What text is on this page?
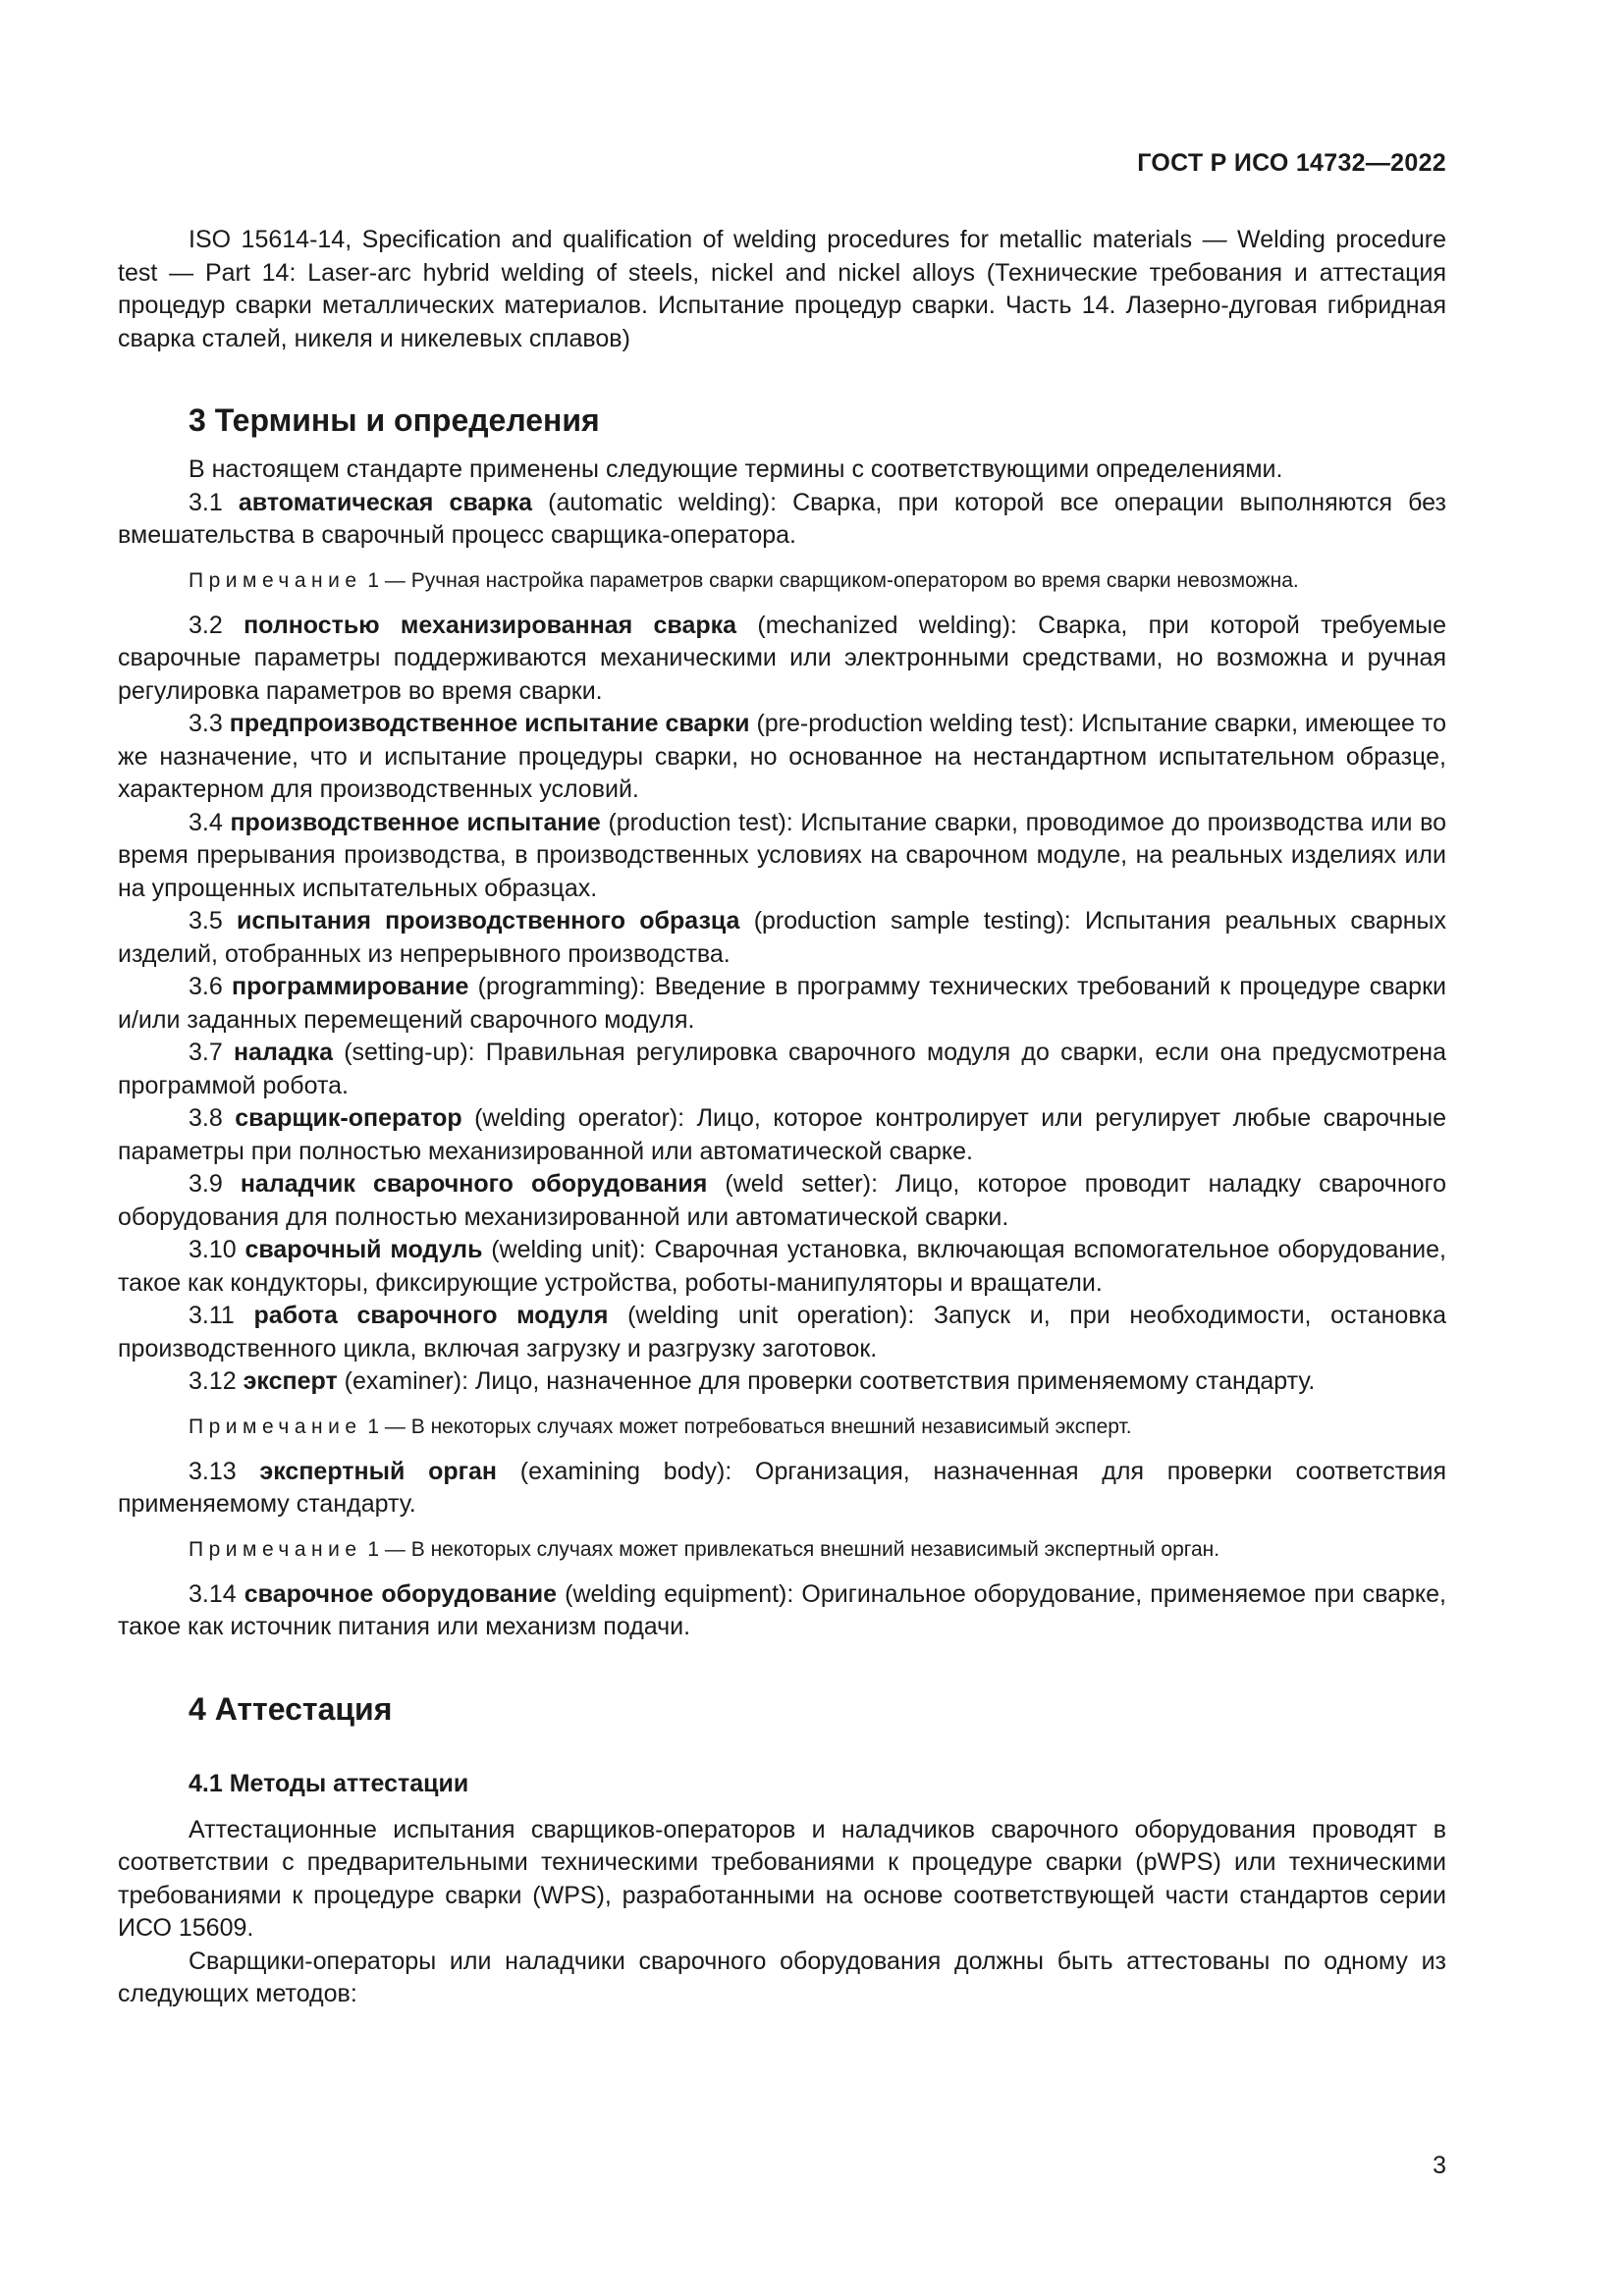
ГОСТ Р ИСО 14732—2022

ISO 15614-14, Specification and qualification of welding procedures for metallic materials — Welding procedure test — Part 14: Laser-arc hybrid welding of steels, nickel and nickel alloys (Технические требования и аттестация процедур сварки металлических материалов. Испытание процедур сварки. Часть 14. Лазерно-дуговая гибридная сварка сталей, никеля и никелевых сплавов)

3 Термины и определения

В настоящем стандарте применены следующие термины с соответствующими определениями.

3.1 автоматическая сварка (automatic welding): Сварка, при которой все операции выполняются без вмешательства в сварочный процесс сварщика-оператора.

Примечание 1 — Ручная настройка параметров сварки сварщиком-оператором во время сварки невозможна.

3.2 полностью механизированная сварка (mechanized welding): Сварка, при которой требуемые сварочные параметры поддерживаются механическими или электронными средствами, но возможна и ручная регулировка параметров во время сварки.

3.3 предпроизводственное испытание сварки (pre-production welding test): Испытание сварки, имеющее то же назначение, что и испытание процедуры сварки, но основанное на нестандартном испытательном образце, характерном для производственных условий.

3.4 производственное испытание (production test): Испытание сварки, проводимое до производства или во время прерывания производства, в производственных условиях на сварочном модуле, на реальных изделиях или на упрощенных испытательных образцах.

3.5 испытания производственного образца (production sample testing): Испытания реальных сварных изделий, отобранных из непрерывного производства.

3.6 программирование (programming): Введение в программу технических требований к процедуре сварки и/или заданных перемещений сварочного модуля.

3.7 наладка (setting-up): Правильная регулировка сварочного модуля до сварки, если она предусмотрена программой робота.

3.8 сварщик-оператор (welding operator): Лицо, которое контролирует или регулирует любые сварочные параметры при полностью механизированной или автоматической сварке.

3.9 наладчик сварочного оборудования (weld setter): Лицо, которое проводит наладку сварочного оборудования для полностью механизированной или автоматической сварки.

3.10 сварочный модуль (welding unit): Сварочная установка, включающая вспомогательное оборудование, такое как кондукторы, фиксирующие устройства, роботы-манипуляторы и вращатели.

3.11 работа сварочного модуля (welding unit operation): Запуск и, при необходимости, остановка производственного цикла, включая загрузку и разгрузку заготовок.

3.12 эксперт (examiner): Лицо, назначенное для проверки соответствия применяемому стандарту.

Примечание 1 — В некоторых случаях может потребоваться внешний независимый эксперт.

3.13 экспертный орган (examining body): Организация, назначенная для проверки соответствия применяемому стандарту.

Примечание 1 — В некоторых случаях может привлекаться внешний независимый экспертный орган.

3.14 сварочное оборудование (welding equipment): Оригинальное оборудование, применяемое при сварке, такое как источник питания или механизм подачи.

4 Аттестация
4.1 Методы аттестации

Аттестационные испытания сварщиков-операторов и наладчиков сварочного оборудования проводят в соответствии с предварительными техническими требованиями к процедуре сварки (pWPS) или техническими требованиями к процедуре сварки (WPS), разработанными на основе соответствующей части стандартов серии ИСО 15609.

Сварщики-операторы или наладчики сварочного оборудования должны быть аттестованы по одному из следующих методов:

3
